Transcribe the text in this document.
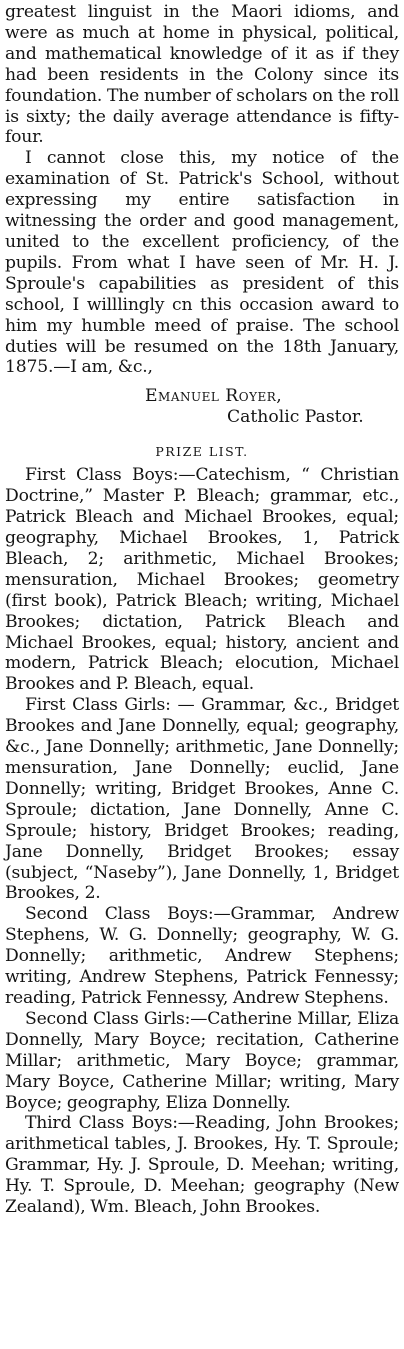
greatest linguist in the Maori idioms, and were as much at home in physical, political, and mathematical knowledge of it as if they had been residents in the Colony since its foundation. The number of scholars on the roll is sixty; the daily average attendance is fifty-four.

I cannot close this, my notice of the examination of St. Patrick's School, without expressing my entire satisfaction in witnessing the order and good management, united to the excellent proficiency, of the pupils. From what I have seen of Mr. H. J. Sproule's capabilities as president of this school, I willlingly cn this occasion award to him my humble meed of praise. The school duties will be resumed on the 18th January, 1875.—I am, &c.,

Emanuel Royer,
Catholic Pastor.
PRIZE LIST.

First Class Boys:—Catechism, “ Christian Doctrine,” Master P. Bleach; grammar, etc., Patrick Bleach and Michael Brookes, equal; geography, Michael Brookes, 1, Patrick Bleach, 2; arithmetic, Michael Brookes; mensuration, Michael Brookes; geometry (first book), Patrick Bleach; writing, Michael Brookes; dictation, Patrick Bleach and Michael Brookes, equal; history, ancient and modern, Patrick Bleach; elocution, Michael Brookes and P. Bleach, equal.

First Class Girls: — Grammar, &c., Bridget Brookes and Jane Donnelly, equal; geography, &c., Jane Donnelly; arithmetic, Jane Donnelly; mensuration, Jane Donnelly; euclid, Jane Donnelly; writing, Bridget Brookes, Anne C. Sproule; dictation, Jane Donnelly, Anne C. Sproule; history, Bridget Brookes; reading, Jane Donnelly, Bridget Brookes; essay (subject, “Naseby”), Jane Donnelly, 1, Bridget Brookes, 2.

Second Class Boys:—Grammar, Andrew Stephens, W. G. Donnelly; geography, W. G. Donnelly; arithmetic, Andrew Stephens; writing, Andrew Stephens, Patrick Fennessy; reading, Patrick Fennessy, Andrew Stephens.

Second Class Girls:—Catherine Millar, Eliza Donnelly, Mary Boyce; recitation, Catherine Millar; arithmetic, Mary Boyce; grammar, Mary Boyce, Catherine Millar; writing, Mary Boyce; geography, Eliza Donnelly.

Third Class Boys:—Reading, John Brookes; arithmetical tables, J. Brookes, Hy. T. Sproule; Grammar, Hy. J. Sproule, D. Meehan; writing, Hy. T. Sproule, D. Meehan; geography (New Zealand), Wm. Bleach, John Brookes.
